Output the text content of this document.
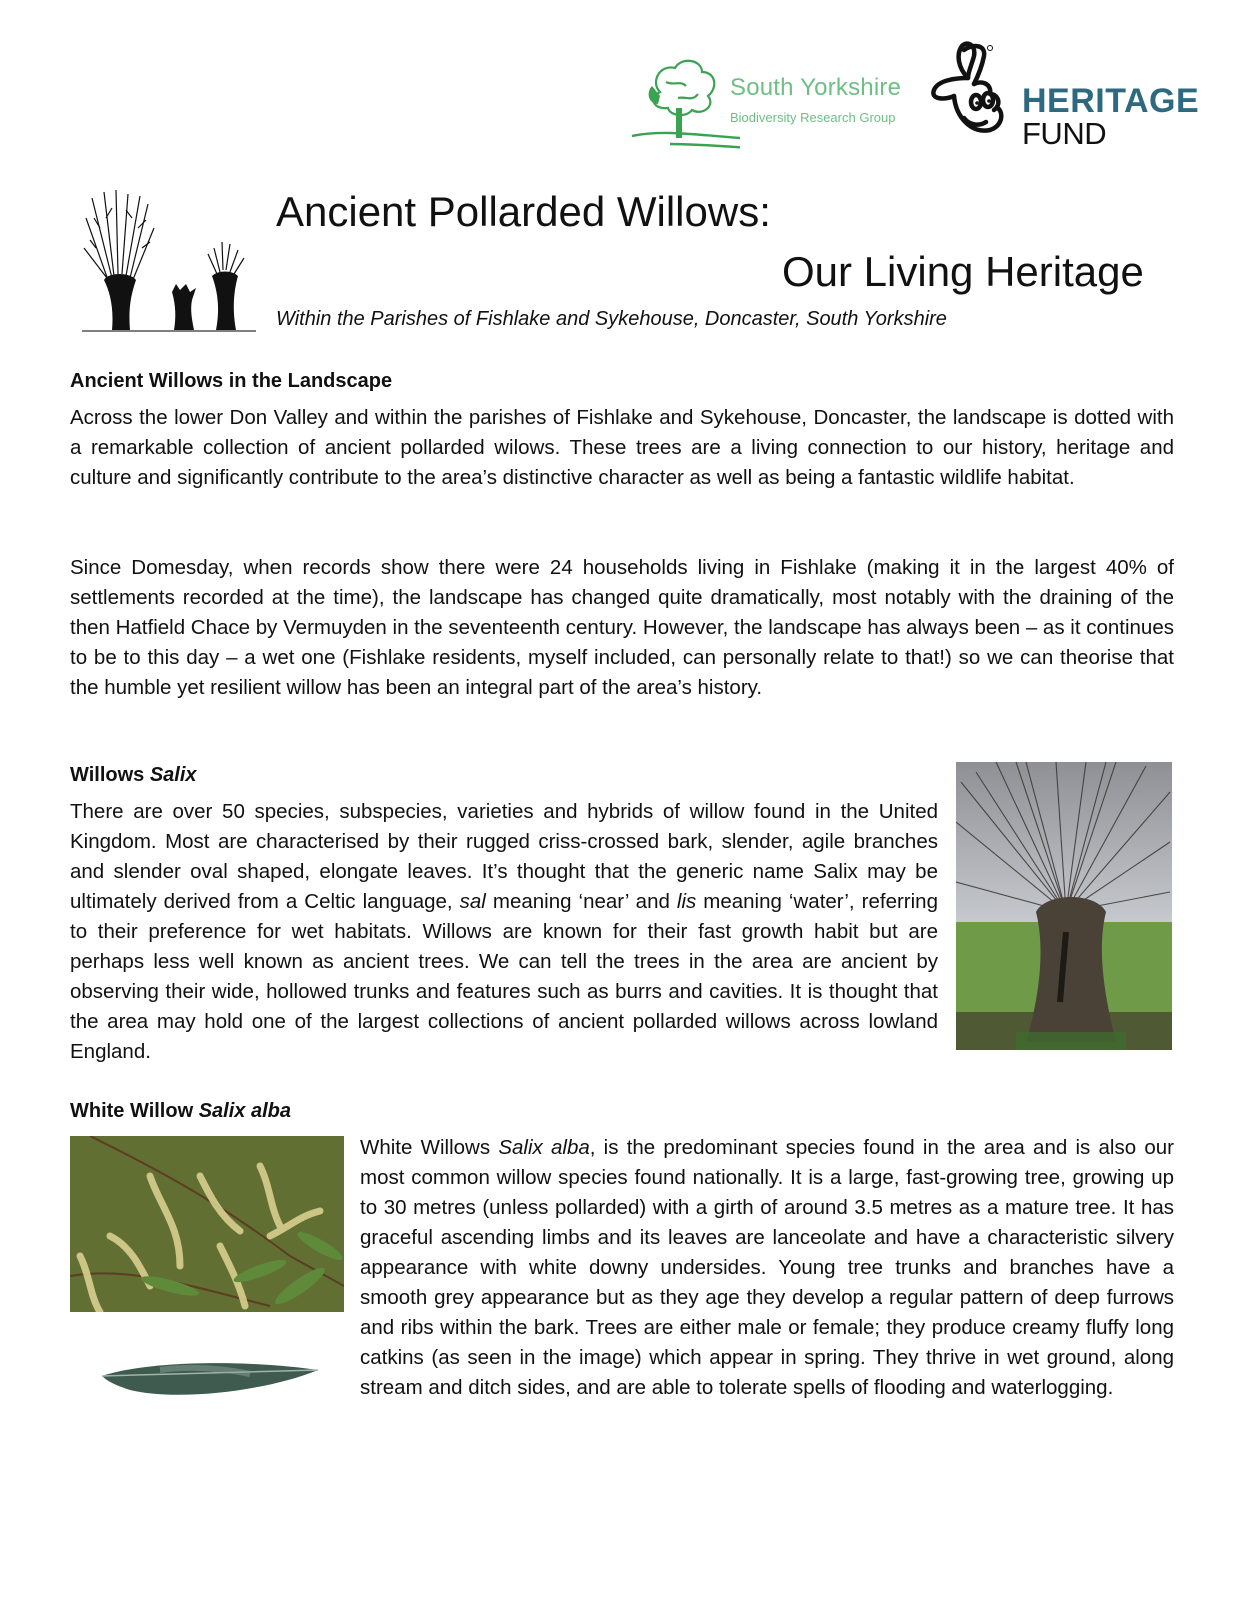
South Yorkshire
Biodiversity Research Group	HERITAGE
FUND
Ancient Pollarded Willows:
Our Living Heritage
Within the Parishes of Fishlake and Sykehouse, Doncaster, South Yorkshire
Ancient Willows in the Landscape
Across the lower Don Valley and within the parishes of Fishlake and Sykehouse, Doncaster, the landscape is dotted with a remarkable collection of ancient pollarded wilows. These trees are a living connection to our history, heritage and culture and significantly contribute to the area’s distinctive character as well as being a fantastic wildlife habitat.
Since Domesday, when records show there were 24 households living in Fishlake (making it in the largest 40% of settlements recorded at the time), the landscape has changed quite dramatically, most notably with the draining of the then Hatfield Chace by Vermuyden in the seventeenth century. However, the landscape has always been – as it continues to be to this day – a wet one (Fishlake residents, myself included, can personally relate to that!) so we can theorise that the humble yet resilient willow has been an integral part of the area’s history.
Willows Salix
There are over 50 species, subspecies, varieties and hybrids of willow found in the United Kingdom. Most are characterised by their rugged criss-crossed bark, slender, agile branches and slender oval shaped, elongate leaves. It’s thought that the generic name Salix may be ultimately derived from a Celtic language, sal meaning ‘near’ and lis meaning ‘water’, referring to their preference for wet habitats. Willows are known for their fast growth habit but are perhaps less well known as ancient trees. We can tell the trees in the area are ancient by observing their wide, hollowed trunks and features such as burrs and cavities. It is thought that the area may hold one of the largest collections of ancient pollarded willows across lowland England.
White Willow Salix alba
White Willows Salix alba, is the predominant species found in the area and is also our most common willow species found nationally. It is a large, fast-growing tree, growing up to 30 metres (unless pollarded) with a girth of around 3.5 metres as a mature tree. It has graceful ascending limbs and its leaves are lanceolate and have a characteristic silvery appearance with white downy undersides. Young tree trunks and branches have a smooth grey appearance but as they age they develop a regular pattern of deep furrows and ribs within the bark. Trees are either male or female; they produce creamy fluffy long catkins (as seen in the image) which appear in spring. They thrive in wet ground, along stream and ditch sides, and are able to tolerate spells of flooding and waterlogging.
